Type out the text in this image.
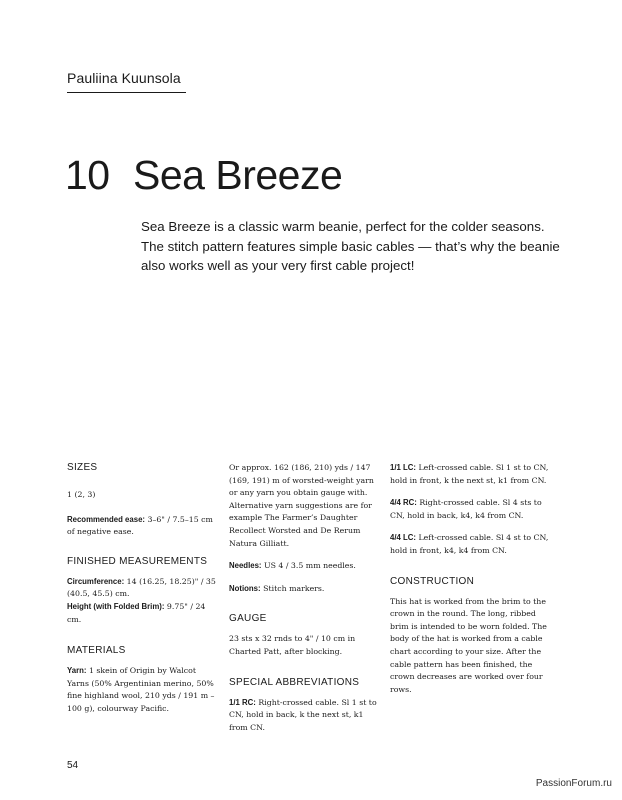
Pauliina Kuunsola
10 Sea Breeze
Sea Breeze is a classic warm beanie, perfect for the colder seasons. The stitch pattern features simple basic cables — that’s why the beanie also works well as your very first cable project!

SIZES

1 (2, 3)

Recommended ease: 3–6" / 7.5–15 cm of negative ease.

FINISHED MEASUREMENTS

Circumference: 14 (16.25, 18.25)" / 35 (40.5, 45.5) cm.

Height (with Folded Brim): 9.75" / 24 cm.

MATERIALS

Yarn: 1 skein of Origin by Walcot Yarns (50% Argentinian merino, 50% fine highland wool, 210 yds / 191 m – 100 g), colourway Pacific.

Or approx. 162 (186, 210) yds / 147 (169, 191) m of worsted-weight yarn or any yarn you obtain gauge with. Alternative yarn suggestions are for example The Farmer’s Daughter Recollect Worsted and De Rerum Natura Gilliatt.

Needles: US 4 / 3.5 mm needles.

Notions: Stitch markers.

GAUGE

23 sts x 32 rnds to 4" / 10 cm in Charted Patt, after blocking.

SPECIAL ABBREVIATIONS

1/1 RC: Right-crossed cable. Sl 1 st to CN, hold in back, k the next st, k1 from CN.

1/1 LC: Left-crossed cable. Sl 1 st to CN, hold in front, k the next st, k1 from CN.

4/4 RC: Right-crossed cable. Sl 4 sts to CN, hold in back, k4, k4 from CN.

4/4 LC: Left-crossed cable. Sl 4 st to CN, hold in front, k4, k4 from CN.

CONSTRUCTION

This hat is worked from the brim to the crown in the round. The long, ribbed brim is intended to be worn folded. The body of the hat is worked from a cable chart according to your size. After the cable pattern has been finished, the crown decreases are worked over four rows.

54
PassionForum.ru
